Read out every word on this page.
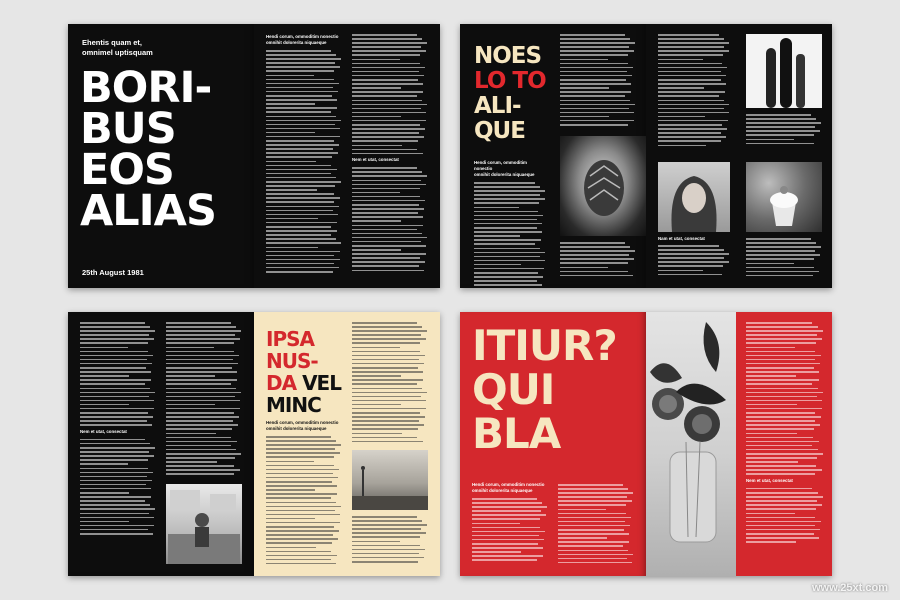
Ehentis quam et,
omnimel uptisquam
BORI-
BUS
EOS
ALIAS
25th August 1981
Hendi corum, ommoditim nonectio
omnihit dolorerita niquaeque
Nem et utat, consectat
NOES
LO TO
ALI-
QUE
Hendi corum, ommoditim nonectio
omnihit dolorerita niquaeque
Nam et utat, consectat
Nem et utat, consectat
IPSA
NUS-
DA VEL
MINC
Hendi corum, ommoditim nonectio
omnihit dolorerita niquaeque
ITIUR?
QUI
BLA
Hendi corum, ommoditim nonectio
omnihit dolorerita niquaeque
Nem et utat, consectat
www.25xt.com
